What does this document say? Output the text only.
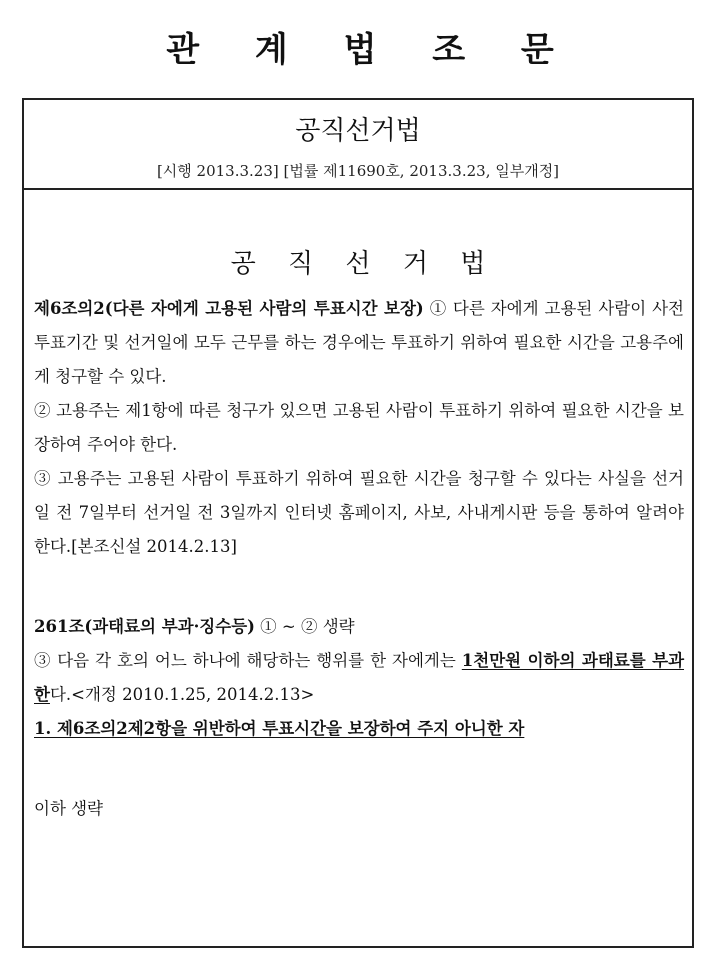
관 계 법 조 문
공직선거법
[시행 2013.3.23] [법률 제11690호, 2013.3.23, 일부개정]
공 직 선 거 법

제6조의2(다른 자에게 고용된 사람의 투표시간 보장) ① 다른 자에게 고용된 사람이 사전투표기간 및 선거일에 모두 근무를 하는 경우에는 투표하기 위하여 필요한 시간을 고용주에게 청구할 수 있다.

② 고용주는 제1항에 따른 청구가 있으면 고용된 사람이 투표하기 위하여 필요한 시간을 보장하여 주어야 한다.

③ 고용주는 고용된 사람이 투표하기 위하여 필요한 시간을 청구할 수 있다는 사실을 선거일 전 7일부터 선거일 전 3일까지 인터넷 홈페이지, 사보, 사내게시판 등을 통하여 알려야 한다.[본조신설 2014.2.13]

261조(과태료의 부과·징수등) ① ~ ② 생략

③ 다음 각 호의 어느 하나에 해당하는 행위를 한 자에게는 1천만원 이하의 과태료를 부과한다.<개정 2010.1.25, 2014.2.13>

1. 제6조의2제2항을 위반하여 투표시간을 보장하여 주지 아니한 자

이하 생략
